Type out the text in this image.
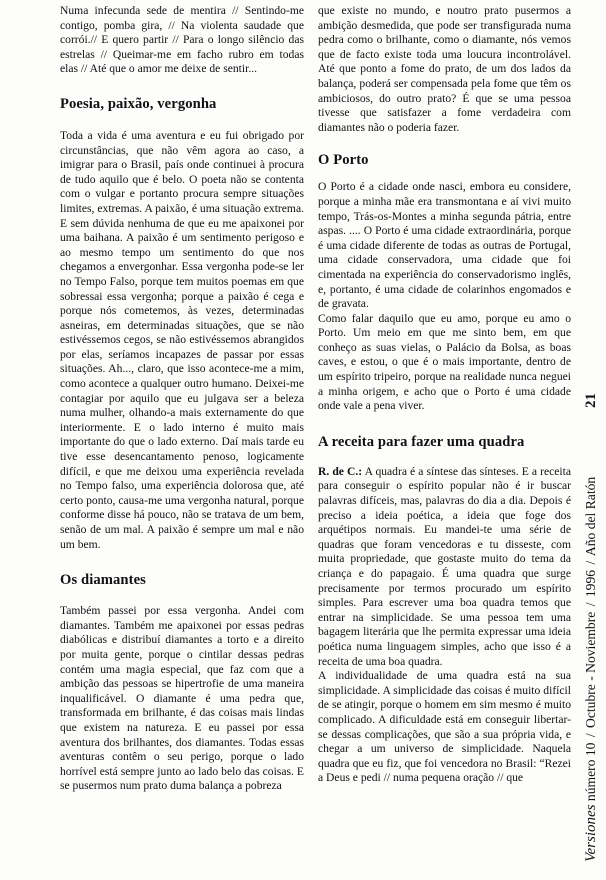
Numa infecunda sede de mentira // Sentindo-me contigo, pomba gira, // Na violenta saudade que corrói.// E quero partir // Para o longo silêncio das estrelas // Queimar-me em facho rubro em todas elas // Até que o amor me deixe de sentir...

Poesia, paixão, vergonha

Toda a vida é uma aventura e eu fui obrigado por circunstâncias, que não vêm agora ao caso, a imigrar para o Brasil, país onde continuei à procura de tudo aquilo que é belo. O poeta não se contenta com o vulgar e portanto procura sempre situações limites, extremas. A paixão, é uma situação extrema. E sem dúvida nenhuma de que eu me apaixonei por uma baihana. A paixão é um sentimento perigoso e ao mesmo tempo um sentimento do que nos chegamos a envergonhar. Essa vergonha pode-se ler no Tempo Falso, porque tem muitos poemas em que sobressai essa vergonha; porque a paixão é cega e porque nós cometemos, às vezes, determinadas asneiras, em determinadas situações, que se não estivéssemos cegos, se não estivéssemos abrangidos por elas, seríamos incapazes de passar por essas situações. Ah..., claro, que isso acontece-me a mim, como acontece a qualquer outro humano. Deixei-me contagiar por aquilo que eu julgava ser a beleza numa mulher, olhando-a mais externamente do que interiormente. E o lado interno é muito mais importante do que o lado externo. Daí mais tarde eu tive esse desencantamento penoso, logicamente difícil, e que me deixou uma experiência revelada no Tempo falso, uma experiência dolorosa que, até certo ponto, causa-me uma vergonha natural, porque conforme disse há pouco, não se tratava de um bem, senão de um mal. A paixão é sempre um mal e não um bem.

Os diamantes

Também passei por essa vergonha. Andei com diamantes. Também me apaixonei por essas pedras diabólicas e distribuí diamantes a torto e a direito por muita gente, porque o cintilar dessas pedras contém uma magia especial, que faz com que a ambição das pessoas se hipertrofie de uma maneira inqualificável. O diamante é uma pedra que, transformada em brilhante, é das coisas mais lindas que existem na natureza. E eu passei por essa aventura dos brilhantes, dos diamantes. Todas essas aventuras contêm o seu perigo, porque o lado horrível está sempre junto ao lado belo das coisas. E se pusermos num prato duma balança a pobreza

que existe no mundo, e noutro prato pusermos a ambição desmedida, que pode ser transfigurada numa pedra como o brilhante, como o diamante, nós vemos que de facto existe toda uma loucura incontrolável. Até que ponto a fome do prato, de um dos lados da balança, poderá ser compensada pela fome que têm os ambiciosos, do outro prato? É que se uma pessoa tivesse que satisfazer a fome verdadeira com diamantes não o poderia fazer.

O Porto

O Porto é a cidade onde nasci, embora eu considere, porque a minha mãe era transmontana e aí vivi muito tempo, Trás-os-Montes a minha segunda pátria, entre aspas. .... O Porto é uma cidade extraordinária, porque é uma cidade diferente de todas as outras de Portugal, uma cidade conservadora, uma cidade que foi cimentada na experiência do conservadorismo inglês, e, portanto, é uma cidade de colarinhos engomados e de gravata.

Como falar daquilo que eu amo, porque eu amo o Porto. Um meio em que me sinto bem, em que conheço as suas vielas, o Palácio da Bolsa, as boas caves, e estou, o que é o mais importante, dentro de um espírito tripeiro, porque na realidade nunca neguei a minha origem, e acho que o Porto é uma cidade onde vale a pena viver.

A receita para fazer uma quadra

R. de C.: A quadra é a síntese das sínteses. E a receita para conseguir o espírito popular não é ir buscar palavras difíceis, mas, palavras do dia a dia. Depois é preciso a ideia poética, a ideia que foge dos arquétipos normais. Eu mandei-te uma série de quadras que foram vencedoras e tu disseste, com muita propriedade, que gostaste muito do tema da criança e do papagaio. É uma quadra que surge precisamente por termos procurado um espírito simples. Para escrever uma boa quadra temos que entrar na simplicidade. Se uma pessoa tem uma bagagem literária que lhe permita expressar uma ideia poética numa linguagem simples, acho que isso é a receita de uma boa quadra.

A individualidade de uma quadra está na sua simplicidade. A simplicidade das coisas é muito difícil de se atingir, porque o homem em sim mesmo é muito complicado. A dificuldade está em conseguir libertar-se dessas complicações, que são a sua própria vida, e chegar a um universo de simplicidade. Naquela quadra que eu fiz, que foi vencedora no Brasil: “Rezei a Deus e pedi // numa pequena oração // que

21
Versiones número 10 / Octubre - Noviembre / 1996 / Año del Ratón
